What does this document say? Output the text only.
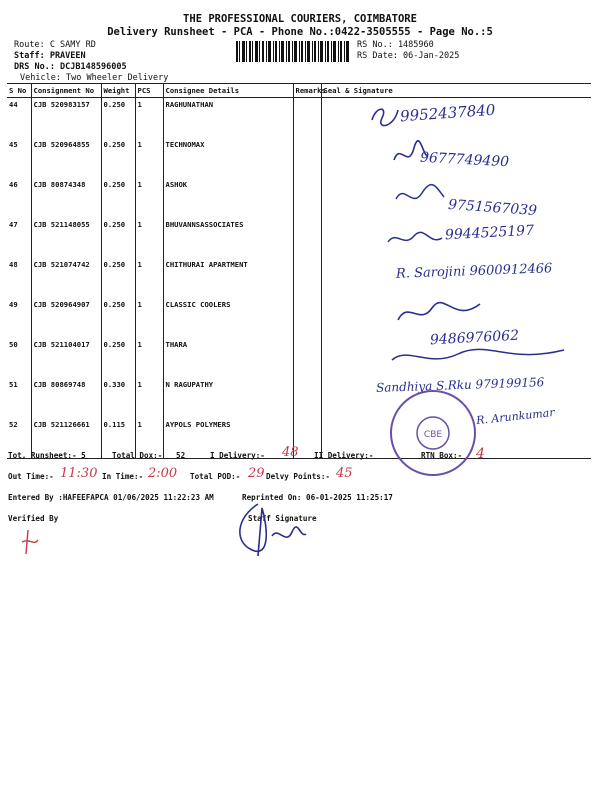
THE PROFESSIONAL COURIERS, COIMBATORE
Delivery Runsheet - PCA - Phone No.:0422-3505555 - Page No.:5
Route: C SAMY RD
Staff: PRAVEEN
DRS No.: DCJB148596005
Vehicle: Two Wheeler Delivery
RS No.: 1485960
RS Date: 06-Jan-2025
S No	Consignment No	Weight	PCS	Consignee Details	Remarks	Seal & Signature
44	CJB 520983157	0.250	1	RAGHUNATHAN		
45	CJB 520964855	0.250	1	TECHNOMAX		
46	CJB 80874348	0.250	1	ASHOK		
47	CJB 521148055	0.250	1	BHUVANNSASSOCIATES		
48	CJB 521074742	0.250	1	CHITHURAI APARTMENT		
49	CJB 520964907	0.250	1	CLASSIC COOLERS		
50	CJB 521104017	0.250	1	THARA		
51	CJB 80869748	0.330	1	N RAGUPATHY		
52	CJB 521126661	0.115	1	AYPOLS POLYMERS		
9952437840
9677749490
9751567039
9944525197
R. Sarojini 9600912466
9486976062
Sandhiya S.Rku 979199156
CBE
R. Arunkumar
Tot. Runsheet:- 5	Total Dox:- 52	I Delivery:- 48 II Delivery:-	RTN Box:- 4
Out Time:- 11:30 In Time:- 2:00 Total POD:- 29 Delvy Points:- 45
Entered By :HAFEEFAPCA 01/06/2025 11:22:23 AM	Reprinted On: 06-01-2025 11:25:17
Verified By	Staff Signature
